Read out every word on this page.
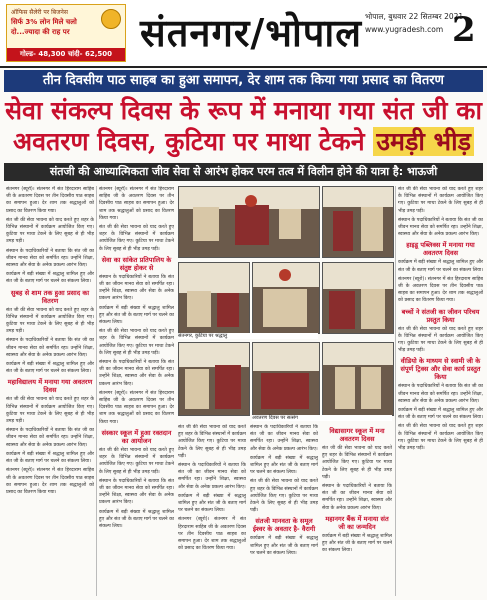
ऑफिस सैलेरी पर बिजनेस
सिर्फ 3% लोन मिले चलो
दो...ज्यादा की राह पर
गोल्ड- 48,300 चांदी- 62,500 संतनगर/भोपाल भोपाल, बुधवार 22 सितम्बर 2021
www.yugradesh.com 2
तीन दिवसीय पाठ साहब का हुआ समापन, देर शाम तक किया गया प्रसाद का वितरण
सेवा संकल्प दिवस के रूप में मनाया गया संत जी का
अवतरण दिवस, कुटिया पर माथा टेकने उमड़ी भीड़
संतजी की आध्यात्मिकता जीव सेवा से आरंभ होकर परम तत्व में विलीन होने की यात्रा है: भाऊजी

संतनगर (ब्यूरो)। संतनगर में संत हिरदाराम साहिब जी के अवतरण दिवस पर तीन दिवसीय पाठ साहब का समापन हुआ। देर शाम तक श्रद्धालुओं को प्रसाद का वितरण किया गया।

संत जी की सेवा भावना को याद करते हुए शहर के विभिन्न संस्थानों में कार्यक्रम आयोजित किए गए। कुटिया पर माथा टेकने के लिए सुबह से ही भीड़ उमड़ पड़ी।

संस्थान के पदाधिकारियों ने बताया कि संत जी का जीवन मानव सेवा को समर्पित रहा। उन्होंने शिक्षा, स्वास्थ्य और सेवा के अनेक प्रकल्प आरंभ किए।

कार्यक्रम में बड़ी संख्या में श्रद्धालु शामिल हुए और संत जी के बताए मार्ग पर चलने का संकल्प लिया।

सुबह से शाम तक हुआ प्रसाद का वितरण

संत जी की सेवा भावना को याद करते हुए शहर के विभिन्न संस्थानों में कार्यक्रम आयोजित किए गए। कुटिया पर माथा टेकने के लिए सुबह से ही भीड़ उमड़ पड़ी।

संस्थान के पदाधिकारियों ने बताया कि संत जी का जीवन मानव सेवा को समर्पित रहा। उन्होंने शिक्षा, स्वास्थ्य और सेवा के अनेक प्रकल्प आरंभ किए।

कार्यक्रम में बड़ी संख्या में श्रद्धालु शामिल हुए और संत जी के बताए मार्ग पर चलने का संकल्प लिया।

महाविद्यालय में मनाया गया अवतरण दिवस

संत जी की सेवा भावना को याद करते हुए शहर के विभिन्न संस्थानों में कार्यक्रम आयोजित किए गए। कुटिया पर माथा टेकने के लिए सुबह से ही भीड़ उमड़ पड़ी।

संस्थान के पदाधिकारियों ने बताया कि संत जी का जीवन मानव सेवा को समर्पित रहा। उन्होंने शिक्षा, स्वास्थ्य और सेवा के अनेक प्रकल्प आरंभ किए।

कार्यक्रम में बड़ी संख्या में श्रद्धालु शामिल हुए और संत जी के बताए मार्ग पर चलने का संकल्प लिया।

संतनगर (ब्यूरो)। संतनगर में संत हिरदाराम साहिब जी के अवतरण दिवस पर तीन दिवसीय पाठ साहब का समापन हुआ। देर शाम तक श्रद्धालुओं को प्रसाद का वितरण किया गया।

संतनगर (ब्यूरो)। संतनगर में संत हिरदाराम साहिब जी के अवतरण दिवस पर तीन दिवसीय पाठ साहब का समापन हुआ। देर शाम तक श्रद्धालुओं को प्रसाद का वितरण किया गया।

संत जी की सेवा भावना को याद करते हुए शहर के विभिन्न संस्थानों में कार्यक्रम आयोजित किए गए। कुटिया पर माथा टेकने के लिए सुबह से ही भीड़ उमड़ पड़ी।

सेवा का सांकेत प्रतिपालिय के संतुष्ट होकर से

संस्थान के पदाधिकारियों ने बताया कि संत जी का जीवन मानव सेवा को समर्पित रहा। उन्होंने शिक्षा, स्वास्थ्य और सेवा के अनेक प्रकल्प आरंभ किए।

कार्यक्रम में बड़ी संख्या में श्रद्धालु शामिल हुए और संत जी के बताए मार्ग पर चलने का संकल्प लिया।

संत जी की सेवा भावना को याद करते हुए शहर के विभिन्न संस्थानों में कार्यक्रम आयोजित किए गए। कुटिया पर माथा टेकने के लिए सुबह से ही भीड़ उमड़ पड़ी।

संस्थान के पदाधिकारियों ने बताया कि संत जी का जीवन मानव सेवा को समर्पित रहा। उन्होंने शिक्षा, स्वास्थ्य और सेवा के अनेक प्रकल्प आरंभ किए।

संतनगर (ब्यूरो)। संतनगर में संत हिरदाराम साहिब जी के अवतरण दिवस पर तीन दिवसीय पाठ साहब का समापन हुआ। देर शाम तक श्रद्धालुओं को प्रसाद का वितरण किया गया।

संस्कार स्कूल में हुआ रक्तदान का आयोजन

संत जी की सेवा भावना को याद करते हुए शहर के विभिन्न संस्थानों में कार्यक्रम आयोजित किए गए। कुटिया पर माथा टेकने के लिए सुबह से ही भीड़ उमड़ पड़ी।

संस्थान के पदाधिकारियों ने बताया कि संत जी का जीवन मानव सेवा को समर्पित रहा। उन्होंने शिक्षा, स्वास्थ्य और सेवा के अनेक प्रकल्प आरंभ किए।

कार्यक्रम में बड़ी संख्या में श्रद्धालु शामिल हुए और संत जी के बताए मार्ग पर चलने का संकल्प लिया।

संतनगर, कुटिया पर श्रद्धालु
अवतरण दिवस पर सत्संग

संत जी की सेवा भावना को याद करते हुए शहर के विभिन्न संस्थानों में कार्यक्रम आयोजित किए गए। कुटिया पर माथा टेकने के लिए सुबह से ही भीड़ उमड़ पड़ी।

संस्थान के पदाधिकारियों ने बताया कि संत जी का जीवन मानव सेवा को समर्पित रहा। उन्होंने शिक्षा, स्वास्थ्य और सेवा के अनेक प्रकल्प आरंभ किए।

कार्यक्रम में बड़ी संख्या में श्रद्धालु शामिल हुए और संत जी के बताए मार्ग पर चलने का संकल्प लिया।

संतनगर (ब्यूरो)। संतनगर में संत हिरदाराम साहिब जी के अवतरण दिवस पर तीन दिवसीय पाठ साहब का समापन हुआ। देर शाम तक श्रद्धालुओं को प्रसाद का वितरण किया गया।

संस्थान के पदाधिकारियों ने बताया कि संत जी का जीवन मानव सेवा को समर्पित रहा। उन्होंने शिक्षा, स्वास्थ्य और सेवा के अनेक प्रकल्प आरंभ किए।

कार्यक्रम में बड़ी संख्या में श्रद्धालु शामिल हुए और संत जी के बताए मार्ग पर चलने का संकल्प लिया।

संत जी की सेवा भावना को याद करते हुए शहर के विभिन्न संस्थानों में कार्यक्रम आयोजित किए गए। कुटिया पर माथा टेकने के लिए सुबह से ही भीड़ उमड़ पड़ी।

संतजी मानवता के समूल ईश्वर के अवतार है- वैरागी

कार्यक्रम में बड़ी संख्या में श्रद्धालु शामिल हुए और संत जी के बताए मार्ग पर चलने का संकल्प लिया।

विद्यासागर स्कूल में मना अवतरण दिवस

संत जी की सेवा भावना को याद करते हुए शहर के विभिन्न संस्थानों में कार्यक्रम आयोजित किए गए। कुटिया पर माथा टेकने के लिए सुबह से ही भीड़ उमड़ पड़ी।

संस्थान के पदाधिकारियों ने बताया कि संत जी का जीवन मानव सेवा को समर्पित रहा। उन्होंने शिक्षा, स्वास्थ्य और सेवा के अनेक प्रकल्प आरंभ किए।

महानगर बैंक में मनाया संत जी का जन्मदिन

कार्यक्रम में बड़ी संख्या में श्रद्धालु शामिल हुए और संत जी के बताए मार्ग पर चलने का संकल्प लिया।

संत जी की सेवा भावना को याद करते हुए शहर के विभिन्न संस्थानों में कार्यक्रम आयोजित किए गए। कुटिया पर माथा टेकने के लिए सुबह से ही भीड़ उमड़ पड़ी।

संस्थान के पदाधिकारियों ने बताया कि संत जी का जीवन मानव सेवा को समर्पित रहा। उन्होंने शिक्षा, स्वास्थ्य और सेवा के अनेक प्रकल्प आरंभ किए।

हाइडू पब्लिक्स में मनाया गया अवतरण दिवस

कार्यक्रम में बड़ी संख्या में श्रद्धालु शामिल हुए और संत जी के बताए मार्ग पर चलने का संकल्प लिया।

संतनगर (ब्यूरो)। संतनगर में संत हिरदाराम साहिब जी के अवतरण दिवस पर तीन दिवसीय पाठ साहब का समापन हुआ। देर शाम तक श्रद्धालुओं को प्रसाद का वितरण किया गया।

बच्चों ने संतजी का जीवन परिचय प्रस्तुत किया

संत जी की सेवा भावना को याद करते हुए शहर के विभिन्न संस्थानों में कार्यक्रम आयोजित किए गए। कुटिया पर माथा टेकने के लिए सुबह से ही भीड़ उमड़ पड़ी।

वीडियो के माध्यम से स्वामी जी के संपूर्ण ट्रिक्स और सेवा कार्य प्रस्तुत किया

संस्थान के पदाधिकारियों ने बताया कि संत जी का जीवन मानव सेवा को समर्पित रहा। उन्होंने शिक्षा, स्वास्थ्य और सेवा के अनेक प्रकल्प आरंभ किए।

कार्यक्रम में बड़ी संख्या में श्रद्धालु शामिल हुए और संत जी के बताए मार्ग पर चलने का संकल्प लिया।

संत जी की सेवा भावना को याद करते हुए शहर के विभिन्न संस्थानों में कार्यक्रम आयोजित किए गए। कुटिया पर माथा टेकने के लिए सुबह से ही भीड़ उमड़ पड़ी।
